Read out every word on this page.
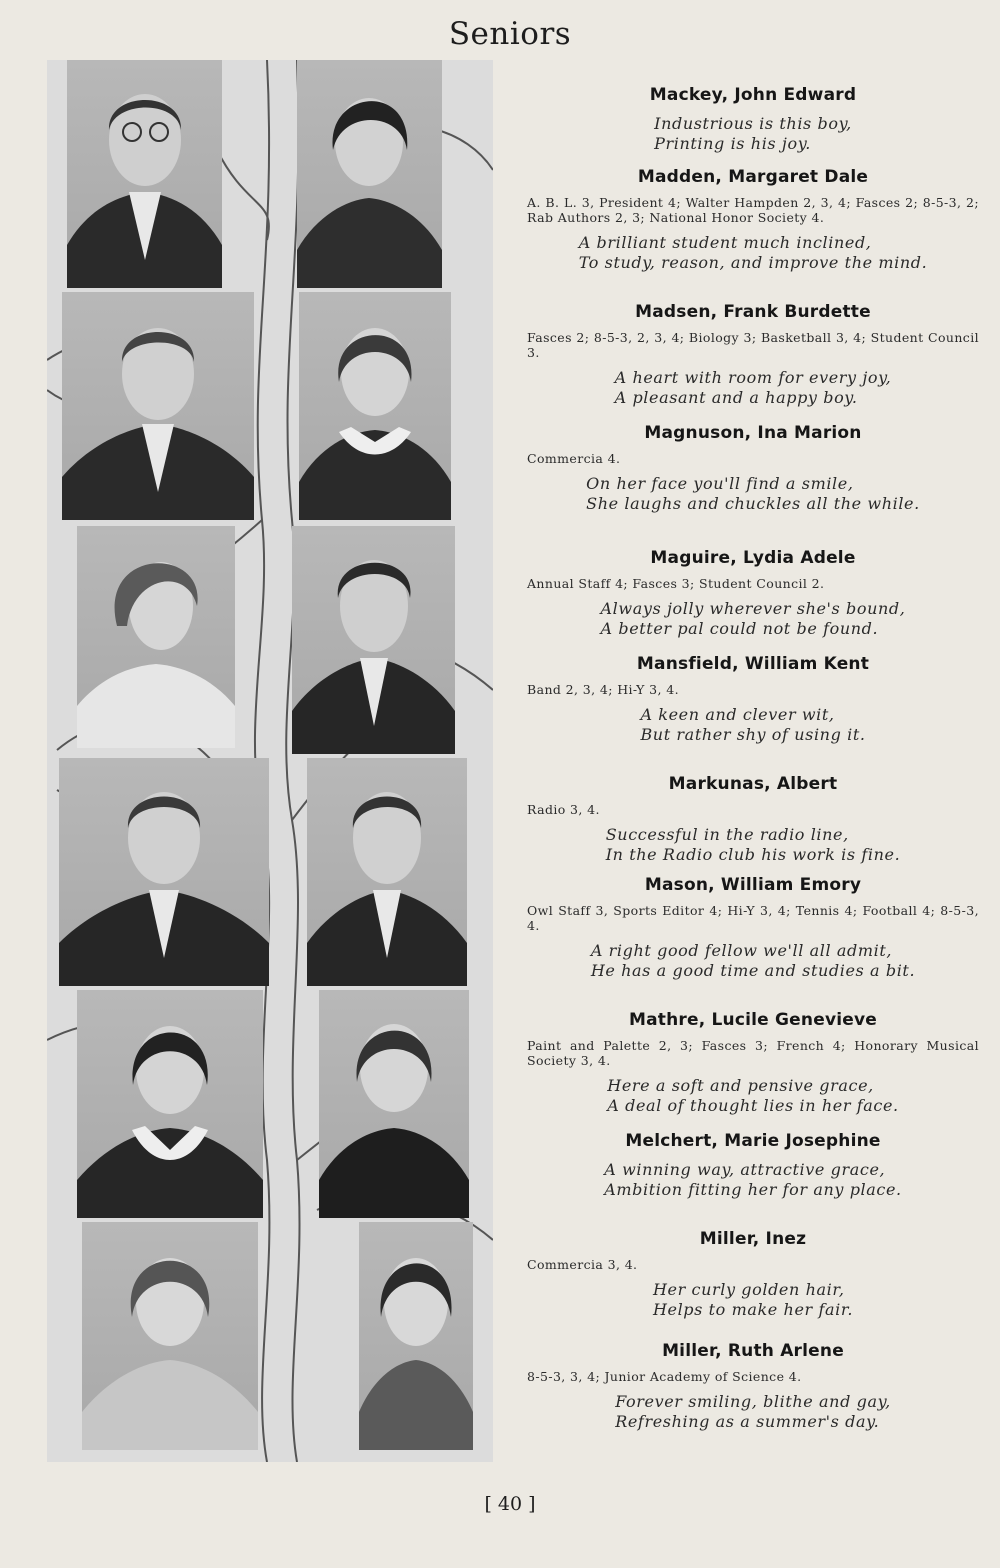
Seniors
Mackey, John Edward
Industrious is this boy,
Printing is his joy.
Madden, Margaret Dale
A. B. L. 3, President 4; Walter Hampden 2, 3, 4; Fasces 2; 8-5-3, 2; Rab Authors 2, 3; National Honor Society 4.
A brilliant student much inclined,
To study, reason, and improve the mind.
Madsen, Frank Burdette
Fasces 2; 8-5-3, 2, 3, 4; Biology 3; Basketball 3, 4; Student Council 3.
A heart with room for every joy,
A pleasant and a happy boy.
Magnuson, Ina Marion
Commercia 4.
On her face you'll find a smile,
She laughs and chuckles all the while.
Maguire, Lydia Adele
Annual Staff 4; Fasces 3; Student Council 2.
Always jolly wherever she's bound,
A better pal could not be found.
Mansfield, William Kent
Band 2, 3, 4; Hi-Y 3, 4.
A keen and clever wit,
But rather shy of using it.
Markunas, Albert
Radio 3, 4.
Successful in the radio line,
In the Radio club his work is fine.
Mason, William Emory
Owl Staff 3, Sports Editor 4; Hi-Y 3, 4; Tennis 4; Football 4; 8-5-3, 4.
A right good fellow we'll all admit,
He has a good time and studies a bit.
Mathre, Lucile Genevieve
Paint and Palette 2, 3; Fasces 3; French 4; Honorary Musical Society 3, 4.
Here a soft and pensive grace,
A deal of thought lies in her face.
Melchert, Marie Josephine
A winning way, attractive grace,
Ambition fitting her for any place.
Miller, Inez
Commercia 3, 4.
Her curly golden hair,
Helps to make her fair.
Miller, Ruth Arlene
8-5-3, 3, 4; Junior Academy of Science 4.
Forever smiling, blithe and gay,
Refreshing as a summer's day.
[ 40 ]
